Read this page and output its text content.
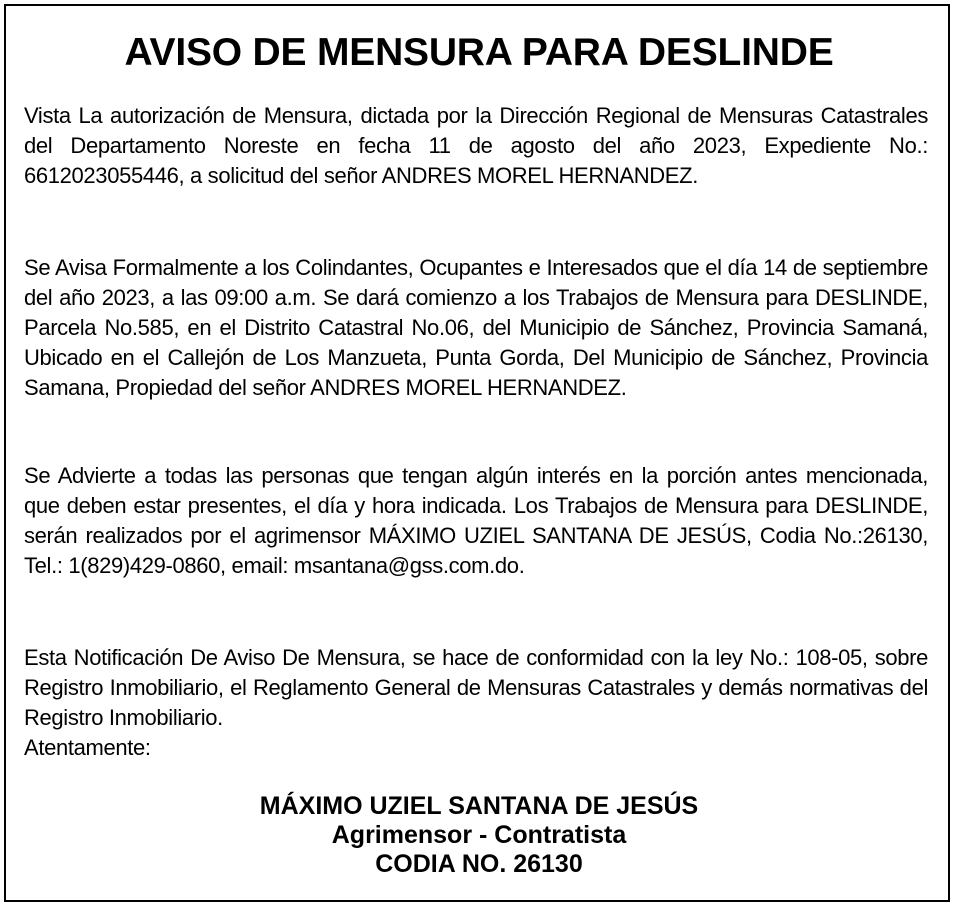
AVISO DE MENSURA PARA DESLINDE

Vista La autorización de Mensura, dictada por la Dirección Regional de Mensuras Catastrales del Departamento Noreste en fecha 11 de agosto del año 2023, Expediente No.: 6612023055446, a solicitud del señor ANDRES MOREL HERNANDEZ.

Se Avisa Formalmente a los Colindantes, Ocupantes e Interesados que el día 14 de septiembre del año 2023, a las 09:00 a.m. Se dará comienzo a los Trabajos de Mensura para DESLINDE, Parcela No.585, en el Distrito Catastral No.06, del Municipio de Sánchez, Provincia Samaná, Ubicado en el Callejón de Los Manzueta, Punta Gorda, Del Municipio de Sánchez, Provincia Samana, Propiedad del señor ANDRES MOREL HERNANDEZ.

Se Advierte a todas las personas que tengan algún interés en la porción antes mencionada, que deben estar presentes, el día y hora indicada. Los Trabajos de Mensura para DESLINDE, serán realizados por el agrimensor MÁXIMO UZIEL SANTANA DE JESÚS, Codia No.:26130, Tel.: 1(829)429-0860, email: msantana@gss.com.do.

Esta Notificación De Aviso De Mensura, se hace de conformidad con la ley No.: 108-05, sobre Registro Inmobiliario, el Reglamento General de Mensuras Catastrales y demás normativas del Registro Inmobiliario.

Atentamente:

MÁXIMO UZIEL SANTANA DE JESÚS

Agrimensor - Contratista

CODIA NO. 26130
